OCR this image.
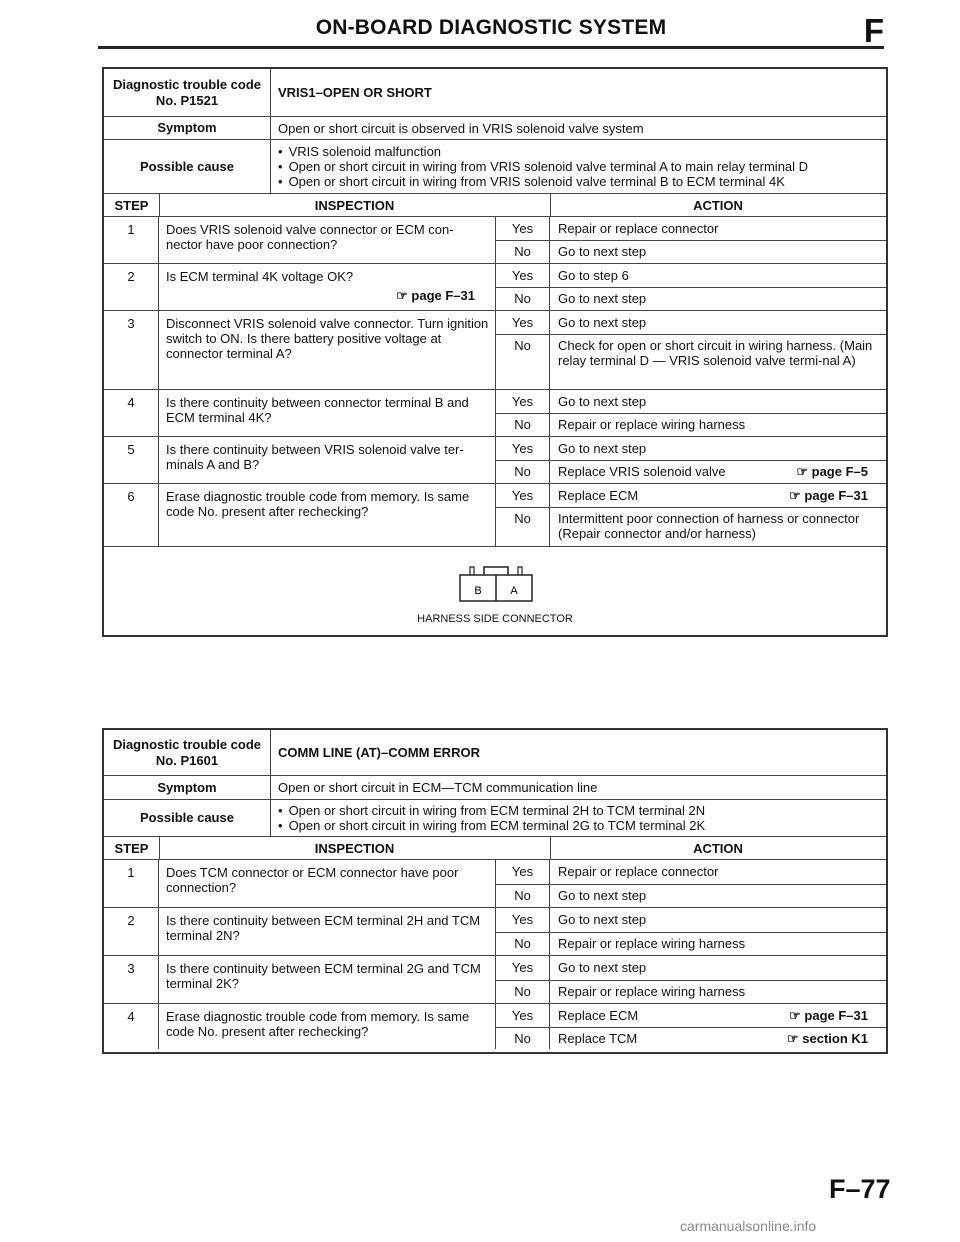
ON-BOARD DIAGNOSTIC SYSTEM	F
Diagnostic trouble code No. P1521	VRIS1–OPEN OR SHORT
Symptom	Open or short circuit is observed in VRIS solenoid valve system
Possible cause
• VRIS solenoid malfunction
• Open or short circuit in wiring from VRIS solenoid valve terminal A to main relay terminal D
• Open or short circuit in wiring from VRIS solenoid valve terminal B to ECM terminal 4K
STEP	INSPECTION	ACTION
1	Does VRIS solenoid valve connector or ECM con-nector have poor connection?
Yes	Repair or replace connector
No	Go to next step
2	Is ECM terminal 4K voltage OK?
☞ page F–31
Yes	Go to step 6
No	Go to next step
3	Disconnect VRIS solenoid valve connector. Turn ignition switch to ON. Is there battery positive voltage at connector terminal A?
Yes	Go to next step
No	Check for open or short circuit in wiring harness. (Main relay terminal D — VRIS solenoid valve termi-nal A)
4	Is there continuity between connector terminal B and ECM terminal 4K?
Yes	Go to next step
No	Repair or replace wiring harness
5	Is there continuity between VRIS solenoid valve ter-minals A and B?
Yes	Go to next step
No	Replace VRIS solenoid valve	☞ page F–5
6	Erase diagnostic trouble code from memory. Is same code No. present after rechecking?
Yes	Replace ECM	☞ page F–31
No	Intermittent poor connection of harness or connector (Repair connector and/or harness)
B	A
HARNESS SIDE CONNECTOR
Diagnostic trouble code No. P1601	COMM LINE (AT)–COMM ERROR
Symptom	Open or short circuit in ECM—TCM communication line
Possible cause
•	Open or short circuit in wiring from ECM terminal 2H to TCM terminal 2N
• Open or short circuit in wiring from ECM terminal 2G to TCM terminal 2K
STEP	INSPECTION	ACTION
1	Does TCM connector or ECM connector have poor connection?
Yes	Repair or replace connector
No	Go to next step
2	Is there continuity between ECM terminal 2H and TCM terminal 2N?
Yes	Go to next step
No	Repair or replace wiring harness
3	Is there continuity between ECM terminal 2G and TCM terminal 2K?
Yes	Go to next step
No	Repair or replace wiring harness
4	Erase diagnostic trouble code from memory. Is same code No. present after rechecking?
Yes	Replace ECM	☞ page F–31
No	Replace TCM	☞ section K1
F–77
carmanualsonline.info
